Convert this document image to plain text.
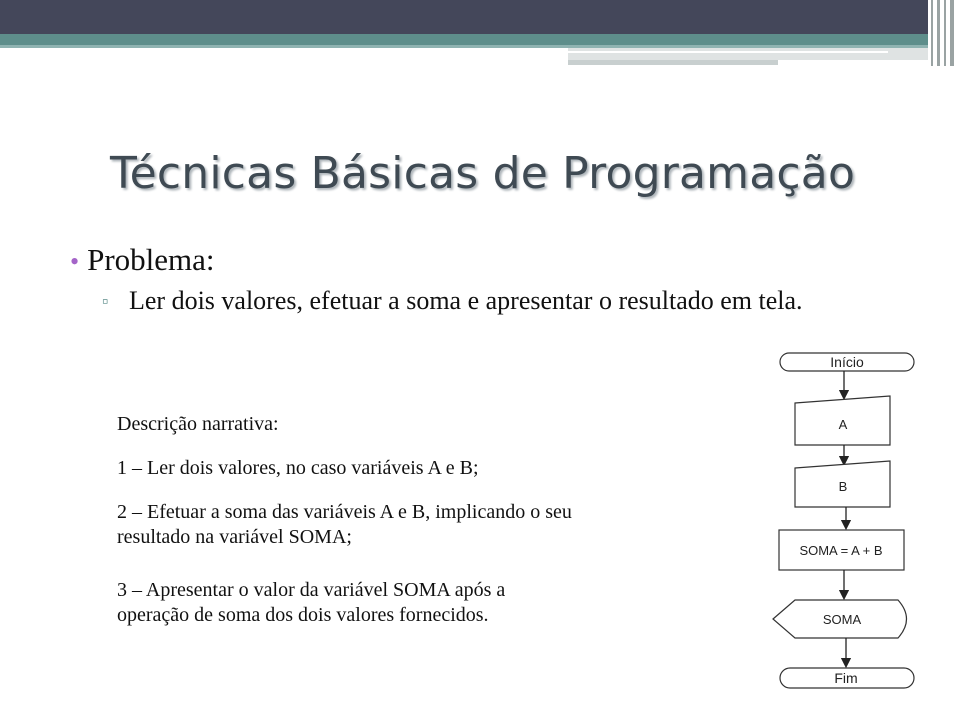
Técnicas Básicas de Programação
• Problema:
▫ Ler dois valores, efetuar a soma e apresentar o resultado em tela.
Descrição narrativa:
1 – Ler dois valores, no caso variáveis A e B;
2 – Efetuar a soma das variáveis A e B, implicando o seu
resultado na variável SOMA;
3 – Apresentar o valor da variável SOMA após a
operação de soma dos dois valores fornecidos.
Início
A
B
SOMA = A + B
SOMA
Fim
